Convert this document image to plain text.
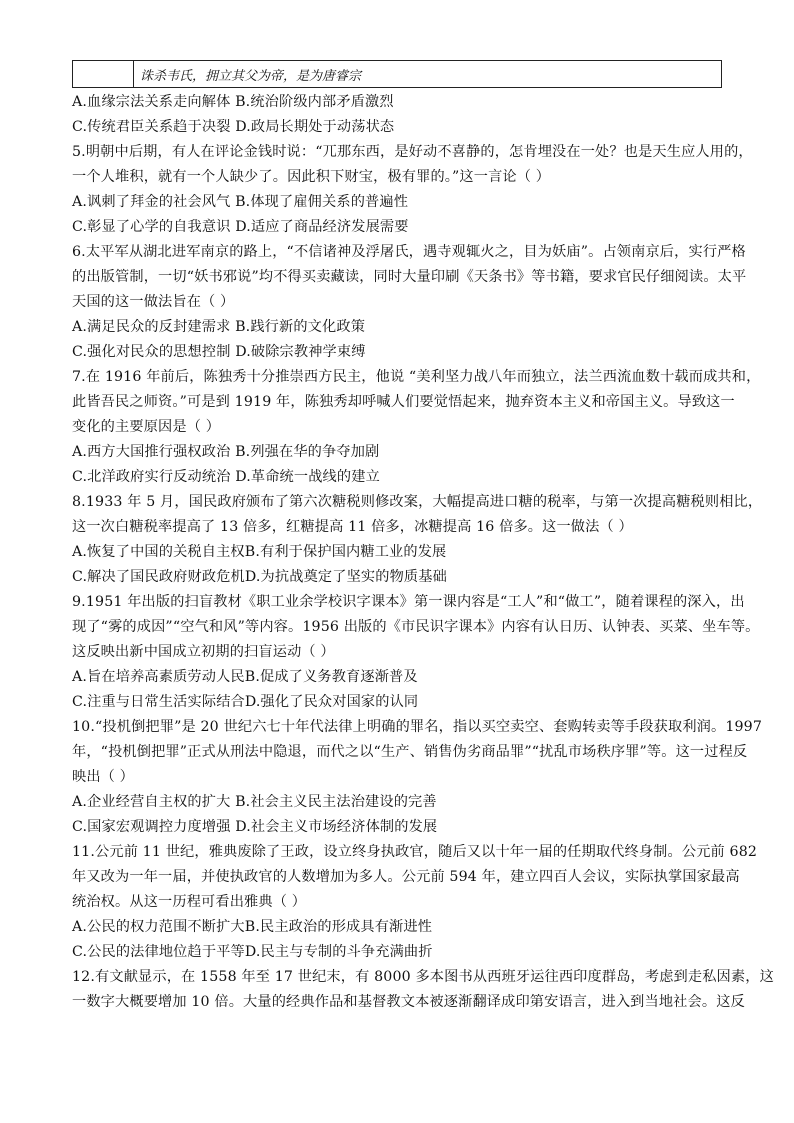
	诛杀韦氏，拥立其父为帝，是为唐睿宗
A.血缘宗法关系走向解体 B.统治阶级内部矛盾激烈
C.传统君臣关系趋于决裂 D.政局长期处于动荡状态
5.明朝中后期，有人在评论金钱时说：“兀那东西，是好动不喜静的，怎肯埋没在一处？也是天生应人用的，
一个人堆积，就有一个人缺少了。因此积下财宝，极有罪的。”这一言论（ ）
A.讽刺了拜金的社会风气 B.体现了雇佣关系的普遍性
C.彰显了心学的自我意识 D.适应了商品经济发展需要
6.太平军从湖北进军南京的路上，“不信诸神及浮屠氏，遇寺观辄火之，目为妖庙”。占领南京后，实行严格
的出版管制，一切“妖书邪说”均不得买卖藏读，同时大量印刷《天条书》等书籍，要求官民仔细阅读。太平
天国的这一做法旨在（ ）
A.满足民众的反封建需求 B.践行新的文化政策
C.强化对民众的思想控制 D.破除宗教神学束缚
7.在 1916 年前后，陈独秀十分推崇西方民主，他说 “美利坚力战八年而独立，法兰西流血数十载而成共和，
此皆吾民之师资。”可是到 1919 年，陈独秀却呼喊人们要觉悟起来，抛弃资本主义和帝国主义。导致这一
变化的主要原因是（ ）
A.西方大国推行强权政治 B.列强在华的争夺加剧
C.北洋政府实行反动统治 D.革命统一战线的建立
8.1933 年 5 月，国民政府颁布了第六次糖税则修改案，大幅提高进口糖的税率，与第一次提高糖税则相比，
这一次白糖税率提高了 13 倍多，红糖提高 11 倍多，冰糖提高 16 倍多。这一做法（ ）
A.恢复了中国的关税自主权B.有利于保护国内糖工业的发展
C.解决了国民政府财政危机D.为抗战奠定了坚实的物质基础
9.1951 年出版的扫盲教材《职工业余学校识字课本》第一课内容是“工人”和“做工”，随着课程的深入，出
现了“雾的成因”“空气和风”等内容。1956 出版的《市民识字课本》内容有认日历、认钟表、买菜、坐车等。
这反映出新中国成立初期的扫盲运动（ ）
A.旨在培养高素质劳动人民B.促成了义务教育逐渐普及
C.注重与日常生活实际结合D.强化了民众对国家的认同
10.“投机倒把罪”是 20 世纪六七十年代法律上明确的罪名，指以买空卖空、套购转卖等手段获取利润。1997
年，“投机倒把罪”正式从刑法中隐退，而代之以“生产、销售伪劣商品罪”“扰乱市场秩序罪”等。这一过程反
映出（ ）
A.企业经营自主权的扩大 B.社会主义民主法治建设的完善
C.国家宏观调控力度增强 D.社会主义市场经济体制的发展
11.公元前 11 世纪，雅典废除了王政，设立终身执政官，随后又以十年一届的任期取代终身制。公元前 682
年又改为一年一届，并使执政官的人数增加为多人。公元前 594 年，建立四百人会议，实际执掌国家最高
统治权。从这一历程可看出雅典（ ）
A.公民的权力范围不断扩大B.民主政治的形成具有渐进性
C.公民的法律地位趋于平等D.民主与专制的斗争充满曲折
12.有文献显示，在 1558 年至 17 世纪末，有 8000 多本图书从西班牙运往西印度群岛，考虑到走私因素，这
一数字大概要增加 10 倍。大量的经典作品和基督教文本被逐渐翻译成印第安语言，进入到当地社会。这反
